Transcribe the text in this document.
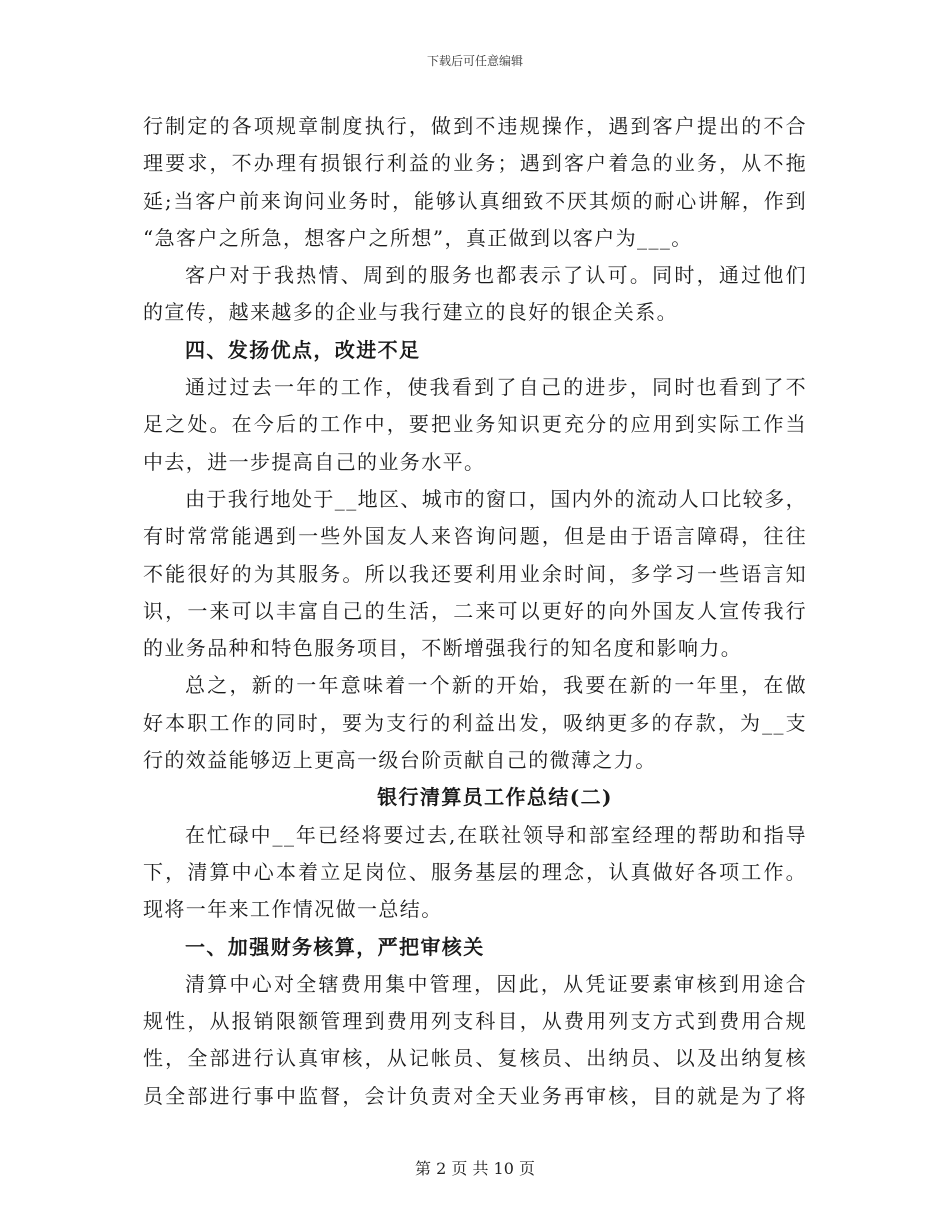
下载后可任意编辑
行制定的各项规章制度执行，做到不违规操作，遇到客户提出的不合
理要求，不办理有损银行利益的业务；遇到客户着急的业务，从不拖
延;当客户前来询问业务时，能够认真细致不厌其烦的耐心讲解，作到
“急客户之所急，想客户之所想”，真正做到以客户为___。
客户对于我热情、周到的服务也都表示了认可。同时，通过他们
的宣传，越来越多的企业与我行建立的良好的银企关系。
四、发扬优点，改进不足
通过过去一年的工作，使我看到了自己的进步，同时也看到了不
足之处。在今后的工作中，要把业务知识更充分的应用到实际工作当
中去，进一步提高自己的业务水平。
由于我行地处于__地区、城市的窗口，国内外的流动人口比较多，
有时常常能遇到一些外国友人来咨询问题，但是由于语言障碍，往往
不能很好的为其服务。所以我还要利用业余时间，多学习一些语言知
识，一来可以丰富自己的生活，二来可以更好的向外国友人宣传我行
的业务品种和特色服务项目，不断增强我行的知名度和影响力。
总之，新的一年意味着一个新的开始，我要在新的一年里，在做
好本职工作的同时，要为支行的利益出发，吸纳更多的存款，为__支
行的效益能够迈上更高一级台阶贡献自己的微薄之力。
银行清算员工作总结(二)
在忙碌中__年已经将要过去,在联社领导和部室经理的帮助和指导
下，清算中心本着立足岗位、服务基层的理念，认真做好各项工作。
现将一年来工作情况做一总结。
一、加强财务核算，严把审核关
清算中心对全辖费用集中管理，因此，从凭证要素审核到用途合
规性，从报销限额管理到费用列支科目，从费用列支方式到费用合规
性，全部进行认真审核，从记帐员、复核员、出纳员、以及出纳复核
员全部进行事中监督，会计负责对全天业务再审核，目的就是为了将
第 2 页 共 10 页
